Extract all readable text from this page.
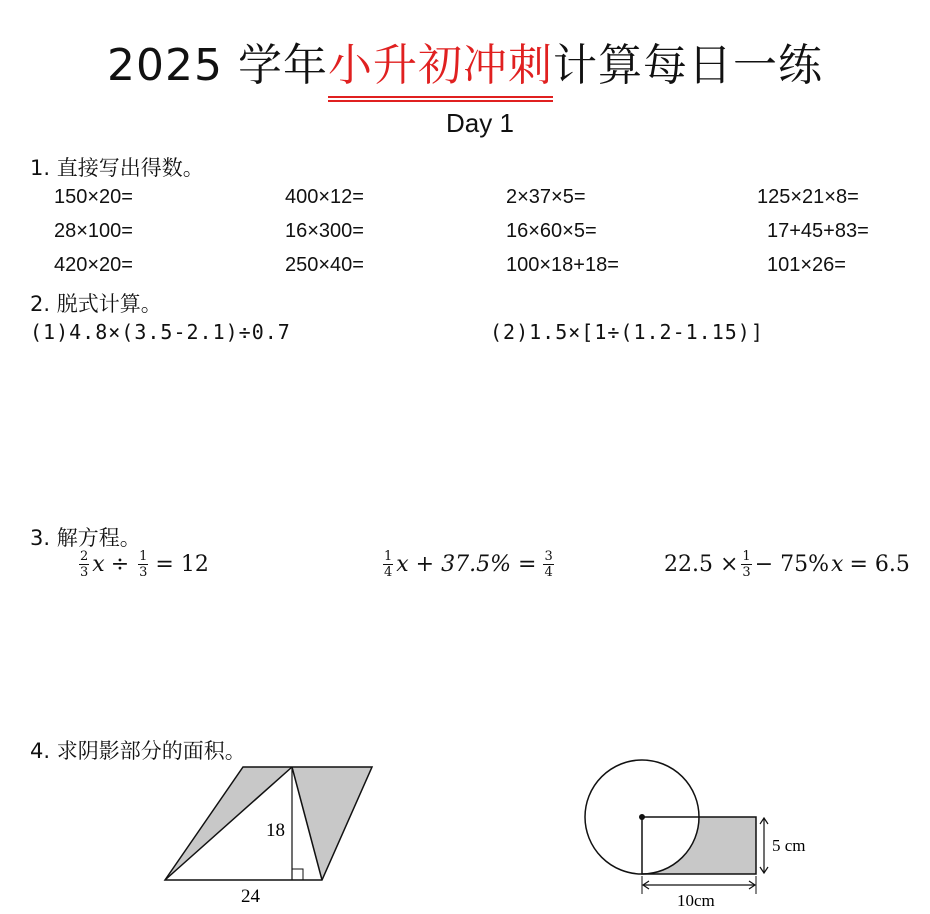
2025 学年小升初冲刺计算每日一练
Day 1
1. 直接写出得数。
150×20=	400×12=	2×37×5=	125×21×8=
28×100=	16×300=	16×60×5=	17+45+83=
420×20=	250×40=	100×18+18=	101×26=
2. 脱式计算。
(1)4.8×(3.5-2.1)÷0.7	(2)1.5×[1÷(1.2-1.15)]
3. 解方程。
$\frac{2}{3}$ $x \div \frac{1}{3} = 12$	$\frac{1}{4}$ $x + 37.5\% = \frac{3}{4}$	$22.5 \times \frac{1}{3} - 75\%$ x = 6.5
4. 求阴影部分的面积。
18
24
5 cm
10cm
